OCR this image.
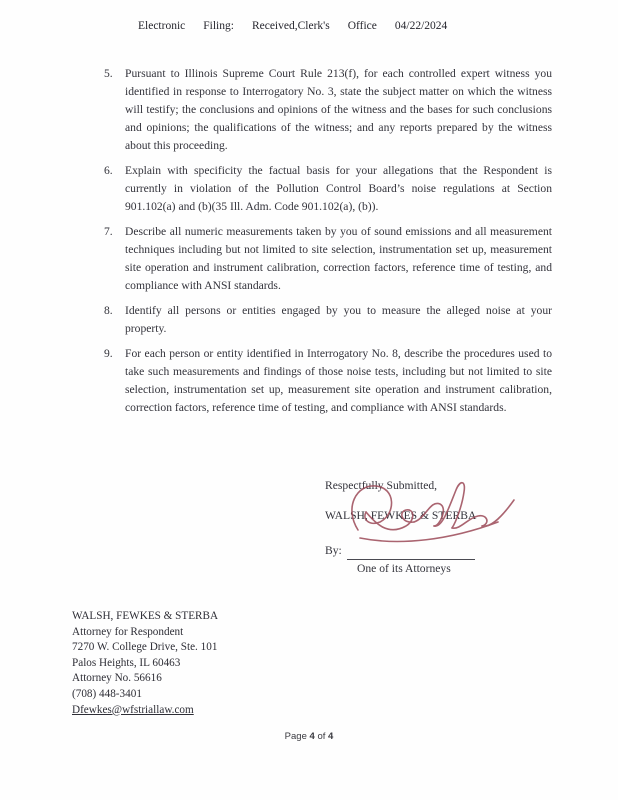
Electronic Filing: Received,Clerk's Office 04/22/2024
5.	Pursuant to Illinois Supreme Court Rule 213(f), for each controlled expert witness you identified in response to Interrogatory No. 3, state the subject matter on which the witness will testify; the conclusions and opinions of the witness and the bases for such conclusions and opinions; the qualifications of the witness; and any reports prepared by the witness about this proceeding.
6.	Explain with specificity the factual basis for your allegations that the Respondent is currently in violation of the Pollution Control Board’s noise regulations at Section 901.102(a) and (b)(35 Ill. Adm. Code 901.102(a), (b)).
7.	Describe all numeric measurements taken by you of sound emissions and all measurement techniques including but not limited to site selection, instrumentation set up, measurement site operation and instrument calibration, correction factors, reference time of testing, and compliance with ANSI standards.
8.	Identify all persons or entities engaged by you to measure the alleged noise at your property.
9.	For each person or entity identified in Interrogatory No. 8, describe the procedures used to take such measurements and findings of those noise tests, including but not limited to site selection, instrumentation set up, measurement site operation and instrument calibration, correction factors, reference time of testing, and compliance with ANSI standards.
Respectfully Submitted,
WALSH, FEWKES & STERBA
By:
One of its Attorneys
WALSH, FEWKES & STERBA
Attorney for Respondent
7270 W. College Drive, Ste. 101
Palos Heights, IL 60463
Attorney No. 56616
(708) 448-3401
Dfewkes@wfstriallaw.com
Page 4 of 4
